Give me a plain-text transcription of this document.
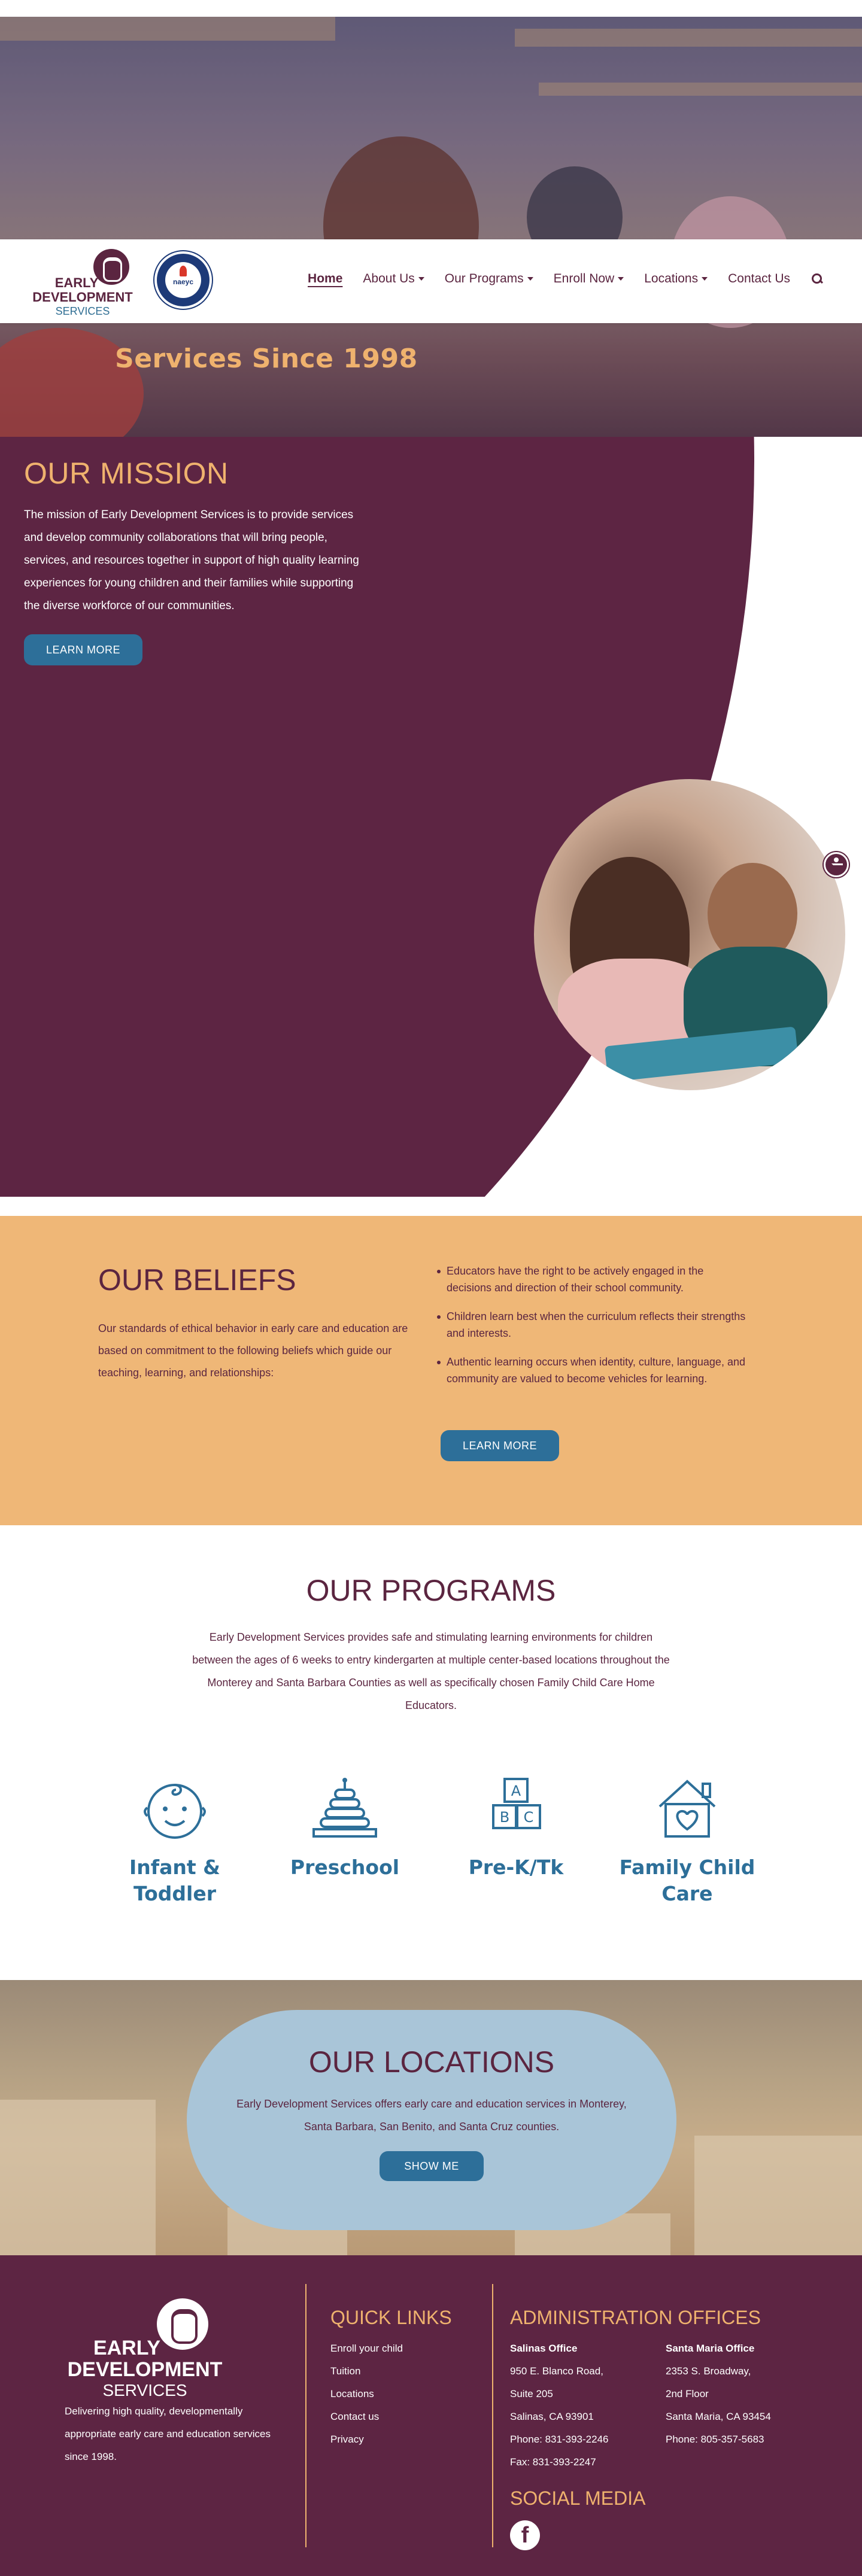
Services Since 1998
EARLY
DEVELOPMENT
SERVICES
naeyc	Home About Us Our Programs Enroll Now Locations Contact Us
OUR MISSION

The mission of Early Development Services is to provide services and develop community collaborations that will bring people, services, and resources together in support of high quality learning experiences for young children and their families while supporting the diverse workforce of our communities.

LEARN MORE
OUR BELIEFS

Our standards of ethical behavior in early care and education are based on commitment to the following beliefs which guide our teaching, learning, and relationships:

Educators have the right to be actively engaged in the decisions and direction of their school community.
Children learn best when the curriculum reflects their strengths and interests.
Authentic learning occurs when identity, culture, language, and community are valued to become vehicles for learning.
LEARN MORE
OUR PROGRAMS

Early Development Services provides safe and stimulating learning environments for children between the ages of 6 weeks to entry kindergarten at multiple center-based locations throughout the Monterey and Santa Barbara Counties as well as specifically chosen Family Child Care Home Educators.

Infant & Toddler
Preschool
A
B C
Pre-K/Tk	Family Child Care
OUR LOCATIONS

Early Development Services offers early care and education services in Monterey, Santa Barbara, San Benito, and Santa Cruz counties.

SHOW ME
EARLY
DEVELOPMENT
SERVICES

Delivering high quality, developmentally appropriate early care and education services since 1998.

QUICK LINKS
Enroll your child
Tuition
Locations
Contact us
Privacy
ADMINISTRATION OFFICES
Salinas Office
950 E. Blanco Road,
Suite 205
Salinas, CA 93901
Phone: 831-393-2246
Fax: 831-393-2247
Santa Maria Office
2353 S. Broadway,
2nd Floor
Santa Maria, CA 93454
Phone: 805-357-5683
SOCIAL MEDIA
f
